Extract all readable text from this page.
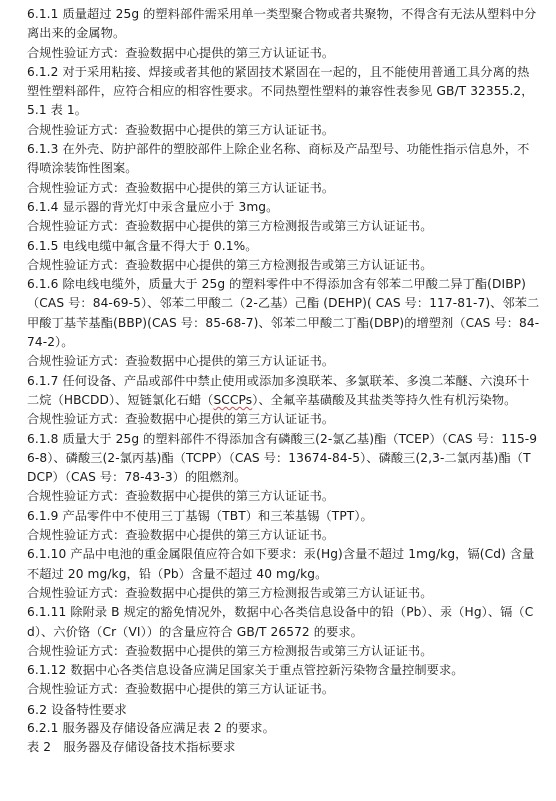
6.1.1 质量超过 25g 的塑料部件需采用单一类型聚合物或者共聚物，不得含有无法从塑料中分离出来的金属物。

合规性验证方式：查验数据中心提供的第三方认证证书。

6.1.2 对于采用粘接、焊接或者其他的紧固技术紧固在一起的，且不能使用普通工具分离的热塑性塑料部件，应符合相应的相容性要求。不同热塑性塑料的兼容性表参见 GB/T 32355.2，5.1 表 1。

合规性验证方式：查验数据中心提供的第三方认证证书。

6.1.3 在外壳、防护部件的塑胶部件上除企业名称、商标及产品型号、功能性指示信息外，不得喷涂装饰性图案。

合规性验证方式：查验数据中心提供的第三方认证证书。

6.1.4 显示器的背光灯中汞含量应小于 3mg。

合规性验证方式：查验数据中心提供的第三方检测报告或第三方认证证书。

6.1.5 电线电缆中氟含量不得大于 0.1%。

合规性验证方式：查验数据中心提供的第三方检测报告或第三方认证证书。

6.1.6 除电线电缆外，质量大于 25g 的塑料零件中不得添加含有邻苯二甲酸二异丁酯(DIBP)（CAS 号：84-69-5）、邻苯二甲酸二（2-乙基）己酯 (DEHP)( CAS 号：117-81-7)、邻苯二甲酸丁基苄基酯(BBP)(CAS 号：85-68-7)、邻苯二甲酸二丁酯(DBP)的增塑剂（CAS 号：84-74-2）。

合规性验证方式：查验数据中心提供的第三方认证证书。

6.1.7 任何设备、产品或部件中禁止使用或添加多溴联苯、多氯联苯、多溴二苯醚、六溴环十二烷（HBCDD）、短链氯化石蜡（SCCPs）、全氟辛基磺酸及其盐类等持久性有机污染物。

合规性验证方式：查验数据中心提供的第三方认证证书。

6.1.8 质量大于 25g 的塑料部件不得添加含有磷酸三(2-氯乙基)酯（TCEP）（CAS 号：115-96-8）、磷酸三(2-氯丙基)酯（TCPP）（CAS 号：13674-84-5）、磷酸三(2,3-二氯丙基)酯（TDCP）（CAS 号：78-43-3）的阻燃剂。

合规性验证方式：查验数据中心提供的第三方认证证书。

6.1.9 产品零件中不使用三丁基锡（TBT）和三苯基锡（TPT）。

合规性验证方式：查验数据中心提供的第三方认证证书。

6.1.10 产品中电池的重金属限值应符合如下要求：汞(Hg)含量不超过 1mg/kg，镉(Cd) 含量不超过 20 mg/kg，铅（Pb）含量不超过 40 mg/kg。

合规性验证方式：查验数据中心提供的第三方检测报告或第三方认证证书。

6.1.11 除附录 B 规定的豁免情况外，数据中心各类信息设备中的铅（Pb）、汞（Hg）、镉（Cd）、六价铬（Cr（VI））的含量应符合 GB/T 26572 的要求。

合规性验证方式：查验数据中心提供的第三方检测报告或第三方认证证书。

6.1.12 数据中心各类信息设备应满足国家关于重点管控新污染物含量控制要求。

合规性验证方式：查验数据中心提供的第三方认证证书。

6.2 设备特性要求

6.2.1 服务器及存储设备应满足表 2 的要求。

表 2　服务器及存储设备技术指标要求
